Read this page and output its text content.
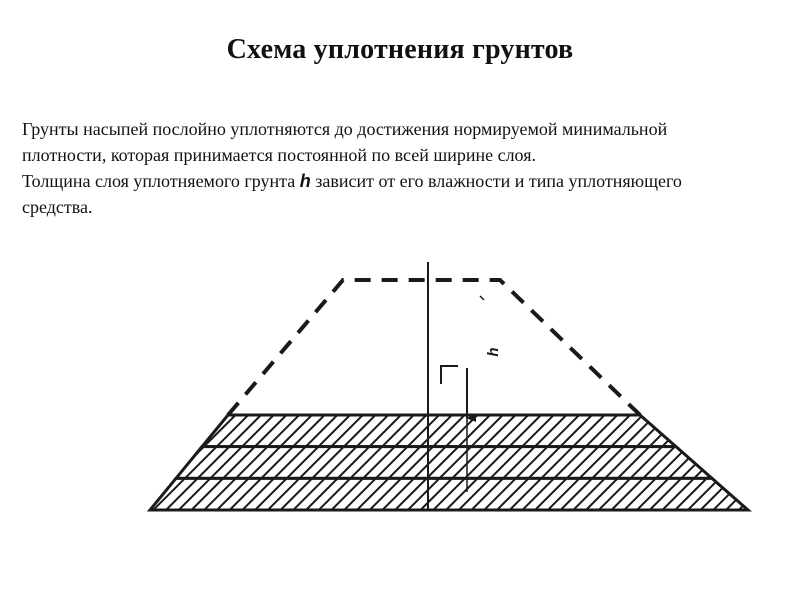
Схема уплотнения грунтов

Грунты насыпей послойно уплотняются до достижения нормируемой минимальной плотности, которая принимается постоянной по всей ширине слоя.

Толщина слоя уплотняемого грунта h зависит от его влажности и типа уплотняющего средства.

h
